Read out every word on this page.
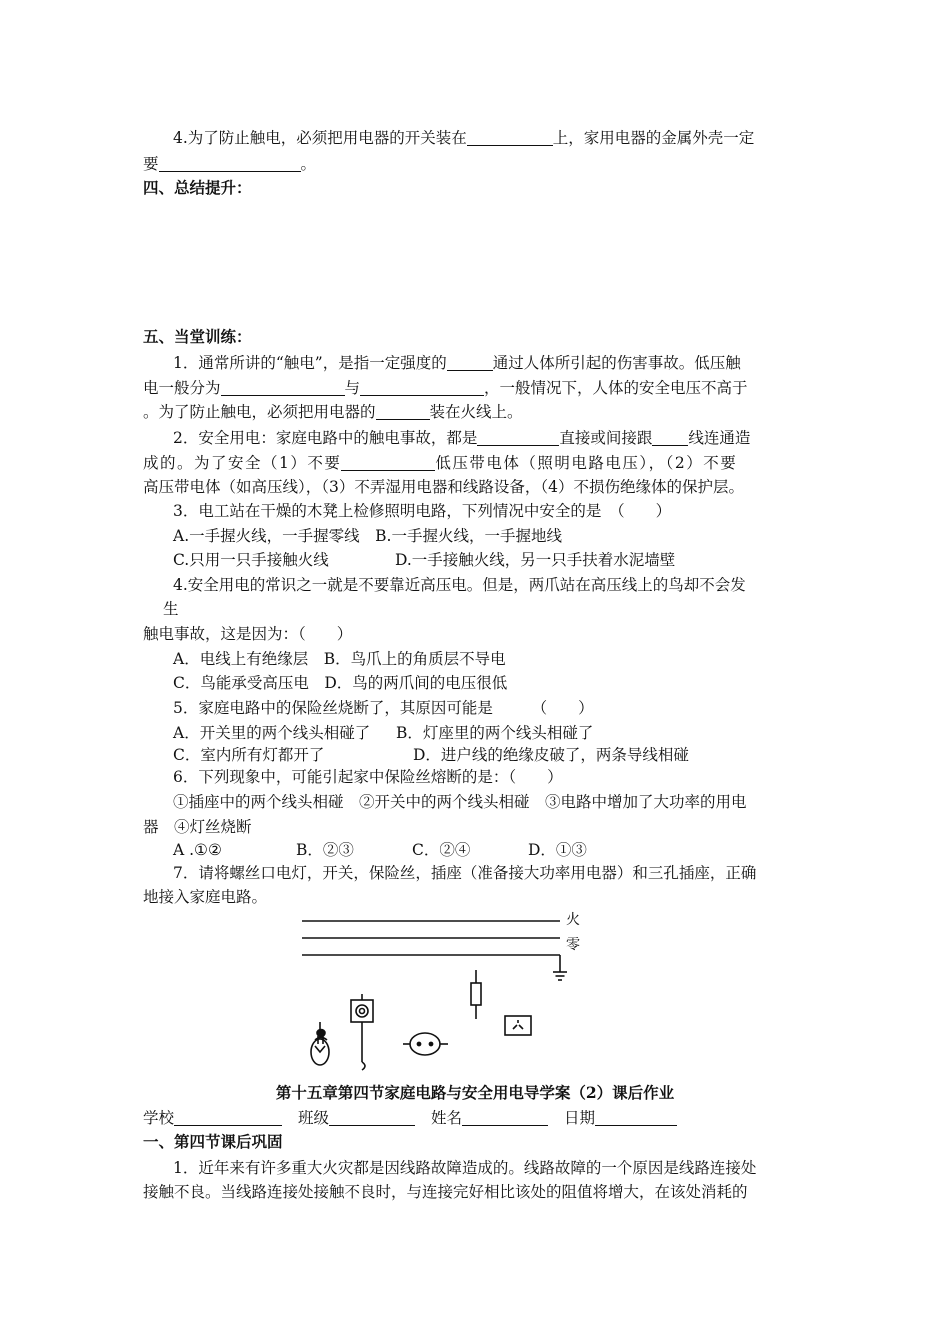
4.为了防止触电，必须把用电器的开关装在	上，家用电器的金属外壳一定
要	。
四、总结提升：
五、当堂训练：
1．通常所讲的“触电”，是指一定强度的	通过人体所引起的伤害事故。低压触
电一般分为	与	，一般情况下，人体的安全电压不高于
。为了防止触电，必须把用电器的	装在火线上。
2．安全用电：家庭电路中的触电事故，都是	直接或间接跟 线连通造
成的。为了安全（1）不要	低压带电体（照明电路电压），（2）不要
高压带电体（如高压线），（3）不弄湿用电器和线路设备，（4）不损伤绝缘体的保护层。
3．电工站在干燥的木凳上检修照明电路，下列情况中安全的是　（　　）
A.一手握火线，一手握零线　B.一手握火线，一手握地线
C.只用一只手接触火线	D.一手接触火线，另一只手扶着水泥墙壁
4.安全用电的常识之一就是不要靠近高压电。但是，两爪站在高压线上的鸟却不会发
生
触电事故，这是因为：（　　）
A．电线上有绝缘层　B．鸟爪上的角质层不导电
C．鸟能承受高压电　D．鸟的两爪间的电压很低
5．家庭电路中的保险丝烧断了，其原因可能是　　　（　　）
A．开关里的两个线头相碰了 B．灯座里的两个线头相碰了
C．室内所有灯都开了	D．进户线的绝缘皮破了，两条导线相碰
6．下列现象中，可能引起家中保险丝熔断的是：（　　）
①插座中的两个线头相碰　②开关中的两个线头相碰　③电路中增加了大功率的用电
器　④灯丝烧断
A .①②	B．②③	C．②④	D．①③
7．请将螺丝口电灯，开关，保险丝，插座（准备接大功率用电器）和三孔插座，正确
地接入家庭电路。
火
零
第十五章第四节家庭电路与安全用电导学案（2）课后作业
学校	班级	姓名	日期
一、第四节课后巩固
1．近年来有许多重大火灾都是因线路故障造成的。线路故障的一个原因是线路连接处
接触不良。当线路连接处接触不良时，与连接完好相比该处的阻值将增大，在该处消耗的
